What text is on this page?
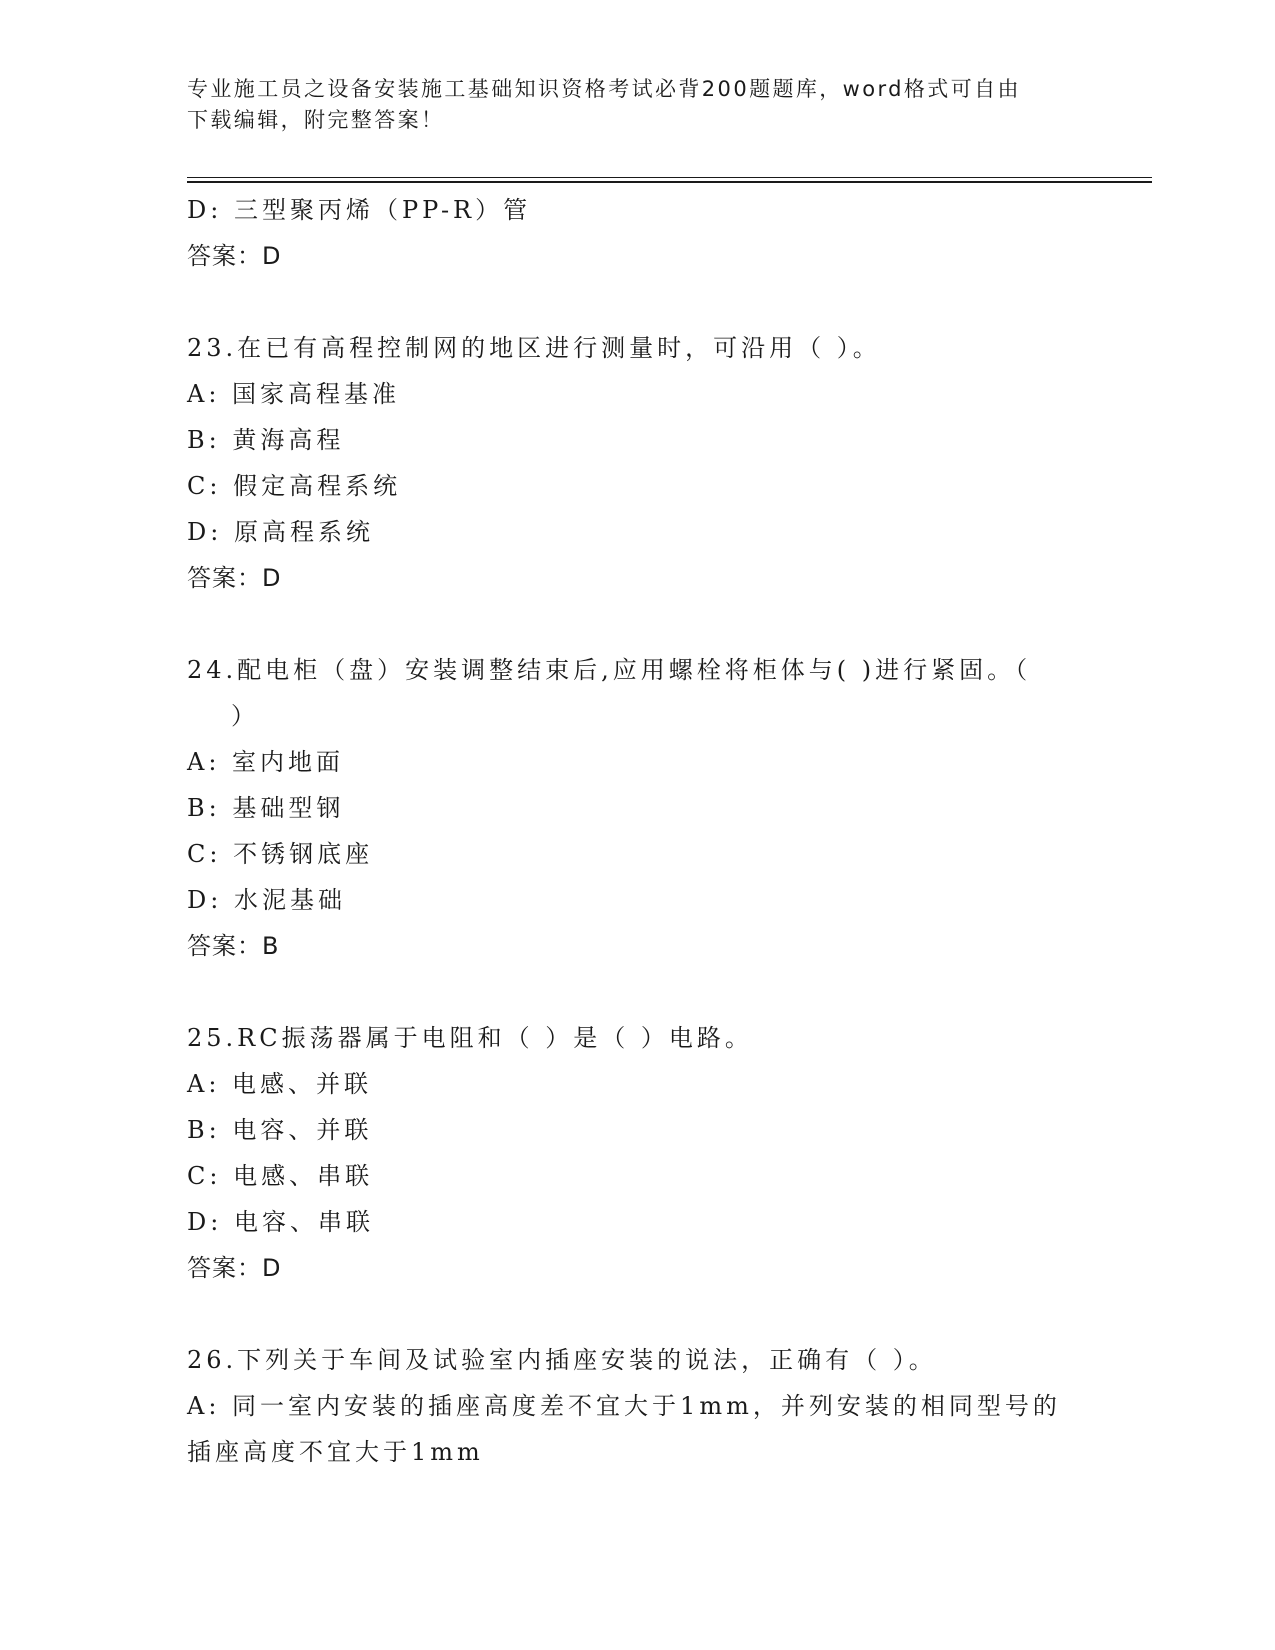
专业施工员之设备安装施工基础知识资格考试必背200题题库，word格式可自由
下载编辑，附完整答案！
D: 三型聚丙烯（PP-R）管
答案：D
23.在已有高程控制网的地区进行测量时，可沿用（ ）。
A: 国家高程基准
B: 黄海高程
C: 假定高程系统
D: 原高程系统
答案：D
24.配电柜（盘）安装调整结束后,应用螺栓将柜体与( )进行紧固。（
）
A: 室内地面
B: 基础型钢
C: 不锈钢底座
D: 水泥基础
答案：B
25.RC振荡器属于电阻和（ ）是（ ）电路。
A: 电感、并联
B: 电容、并联
C: 电感、串联
D: 电容、串联
答案：D
26.下列关于车间及试验室内插座安装的说法，正确有（ ）。
A: 同一室内安装的插座高度差不宜大于1mm，并列安装的相同型号的
插座高度不宜大于1mm
